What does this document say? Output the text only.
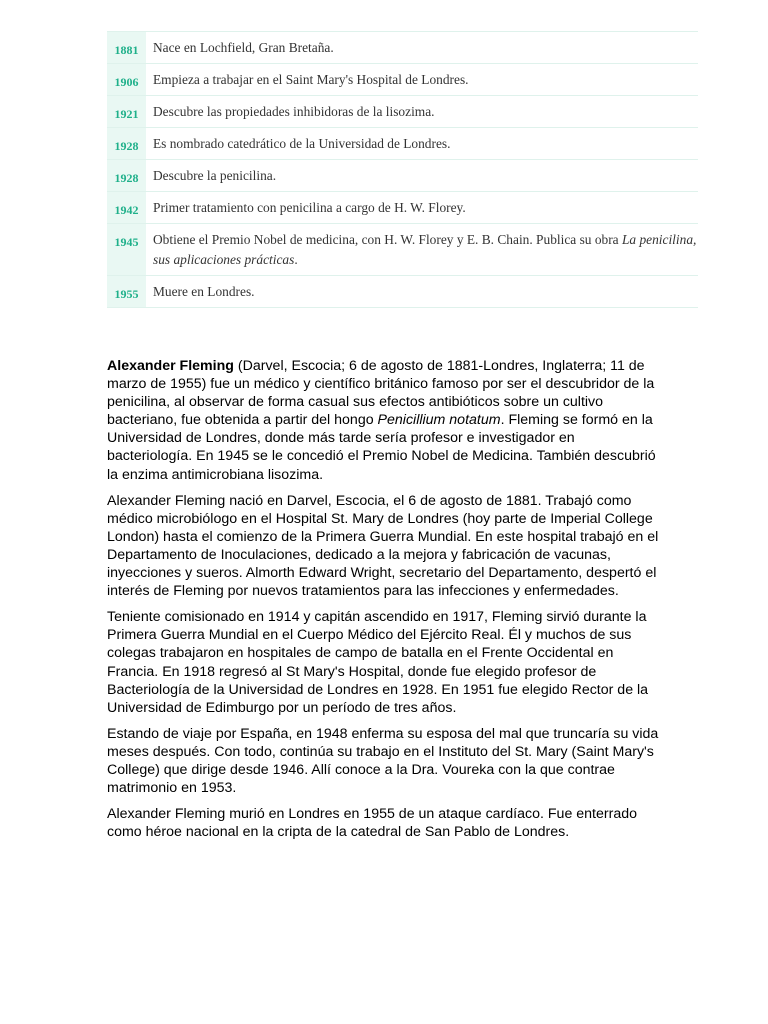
1881	Nace en Lochfield, Gran Bretaña.
1906	Empieza a trabajar en el Saint Mary's Hospital de Londres.
1921	Descubre las propiedades inhibidoras de la lisozima.
1928	Es nombrado catedrático de la Universidad de Londres.
1928	Descubre la penicilina.
1942	Primer tratamiento con penicilina a cargo de H. W. Florey.
1945	Obtiene el Premio Nobel de medicina, con H. W. Florey y E. B. Chain. Publica su obra La penicilina, sus aplicaciones prácticas.
1955	Muere en Londres.

Alexander Fleming (Darvel, Escocia; 6 de agosto de 1881-Londres, Inglaterra; 11 de marzo de 1955) fue un médico y científico británico famoso por ser el descubridor de la penicilina, al observar de forma casual sus efectos antibióticos sobre un cultivo bacteriano, fue obtenida a partir del hongo Penicillium notatum. Fleming se formó en la Universidad de Londres, donde más tarde sería profesor e investigador en bacteriología. En 1945 se le concedió el Premio Nobel de Medicina. También descubrió la enzima antimicrobiana lisozima.

Alexander Fleming nació en Darvel, Escocia, el 6 de agosto de 1881. Trabajó como médico microbiólogo en el Hospital St. Mary de Londres (hoy parte de Imperial College London) hasta el comienzo de la Primera Guerra Mundial. En este hospital trabajó en el Departamento de Inoculaciones, dedicado a la mejora y fabricación de vacunas, inyecciones y sueros. Almorth Edward Wright, secretario del Departamento, despertó el interés de Fleming por nuevos tratamientos para las infecciones y enfermedades.

Teniente comisionado en 1914 y capitán ascendido en 1917, Fleming sirvió durante la Primera Guerra Mundial en el Cuerpo Médico del Ejército Real. Él y muchos de sus colegas trabajaron en hospitales de campo de batalla en el Frente Occidental en Francia. En 1918 regresó al St Mary's Hospital, donde fue elegido profesor de Bacteriología de la Universidad de Londres en 1928. En 1951 fue elegido Rector de la Universidad de Edimburgo por un período de tres años.

Estando de viaje por España, en 1948 enferma su esposa del mal que truncaría su vida meses después. Con todo, continúa su trabajo en el Instituto del St. Mary (Saint Mary's College) que dirige desde 1946. Allí conoce a la Dra. Voureka con la que contrae matrimonio en 1953.

Alexander Fleming murió en Londres en 1955 de un ataque cardíaco. Fue enterrado como héroe nacional en la cripta de la catedral de San Pablo de Londres.
